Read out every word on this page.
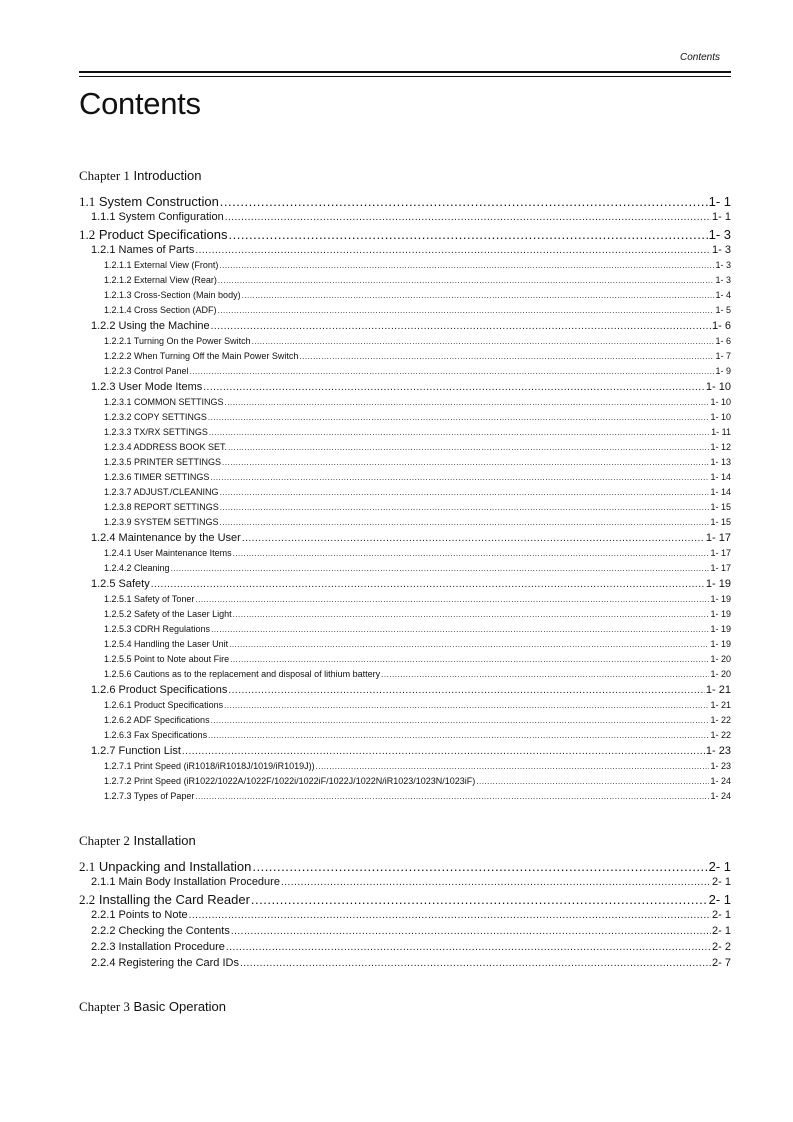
Contents
Contents
Chapter 1 Introduction
1.1 System Construction .....	1- 1
1.1.1 System Configuration .....	1- 1
1.2 Product Specifications .....	1- 3
1.2.1 Names of Parts .....	1- 3
1.2.1.1 External View (Front) .....	1- 3
1.2.1.2 External View (Rear) .....	1- 3
1.2.1.3 Cross-Section (Main body) .....	1- 4
1.2.1.4 Cross Section (ADF) .....	1- 5
1.2.2 Using the Machine .....	1- 6
1.2.2.1 Turning On the Power Switch .....	1- 6
1.2.2.2 When Turning Off the Main Power Switch .....	1- 7
1.2.2.3 Control Panel .....	1- 9
1.2.3 User Mode Items .....	1- 10
1.2.3.1 COMMON SETTINGS .....	1- 10
1.2.3.2 COPY SETTINGS .....	1- 10
1.2.3.3 TX/RX SETTINGS .....	1- 11
1.2.3.4 ADDRESS BOOK SET. .....	1- 12
1.2.3.5 PRINTER SETTINGS .....	1- 13
1.2.3.6 TIMER SETTINGS .....	1- 14
1.2.3.7 ADJUST./CLEANING .....	1- 14
1.2.3.8 REPORT SETTINGS .....	1- 15
1.2.3.9 SYSTEM SETTINGS .....	1- 15
1.2.4 Maintenance by the User .....	1- 17
1.2.4.1 User Maintenance Items .....	1- 17
1.2.4.2 Cleaning .....	1- 17
1.2.5 Safety .....	1- 19
1.2.5.1 Safety of Toner .....	1- 19
1.2.5.2 Safety of the Laser Light .....	1- 19
1.2.5.3 CDRH Regulations .....	1- 19
1.2.5.4 Handling the Laser Unit .....	1- 19
1.2.5.5 Point to Note about Fire .....	1- 20
1.2.5.6 Cautions as to the replacement and disposal of lithium battery .....	1- 20
1.2.6 Product Specifications .....	1- 21
1.2.6.1 Product Specifications .....	1- 21
1.2.6.2 ADF Specifications .....	1- 22
1.2.6.3 Fax Specifications .....	1- 22
1.2.7 Function List .....	1- 23
1.2.7.1 Print Speed (iR1018/iR1018J/1019/iR1019J)) .....	1- 23
1.2.7.2 Print Speed (iR1022/1022A/1022F/1022i/1022iF/1022J/1022N/iR1023/1023N/1023iF) .....	1- 24
1.2.7.3 Types of Paper .....	1- 24
Chapter 2 Installation
2.1 Unpacking and Installation .....	2- 1
2.1.1 Main Body Installation Procedure .....	2- 1
2.2 Installing the Card Reader .....	2- 1
2.2.1 Points to Note .....	2- 1
2.2.2 Checking the Contents .....	2- 1
2.2.3 Installation Procedure .....	2- 2
2.2.4 Registering the Card IDs .....	2- 7
Chapter 3 Basic Operation
